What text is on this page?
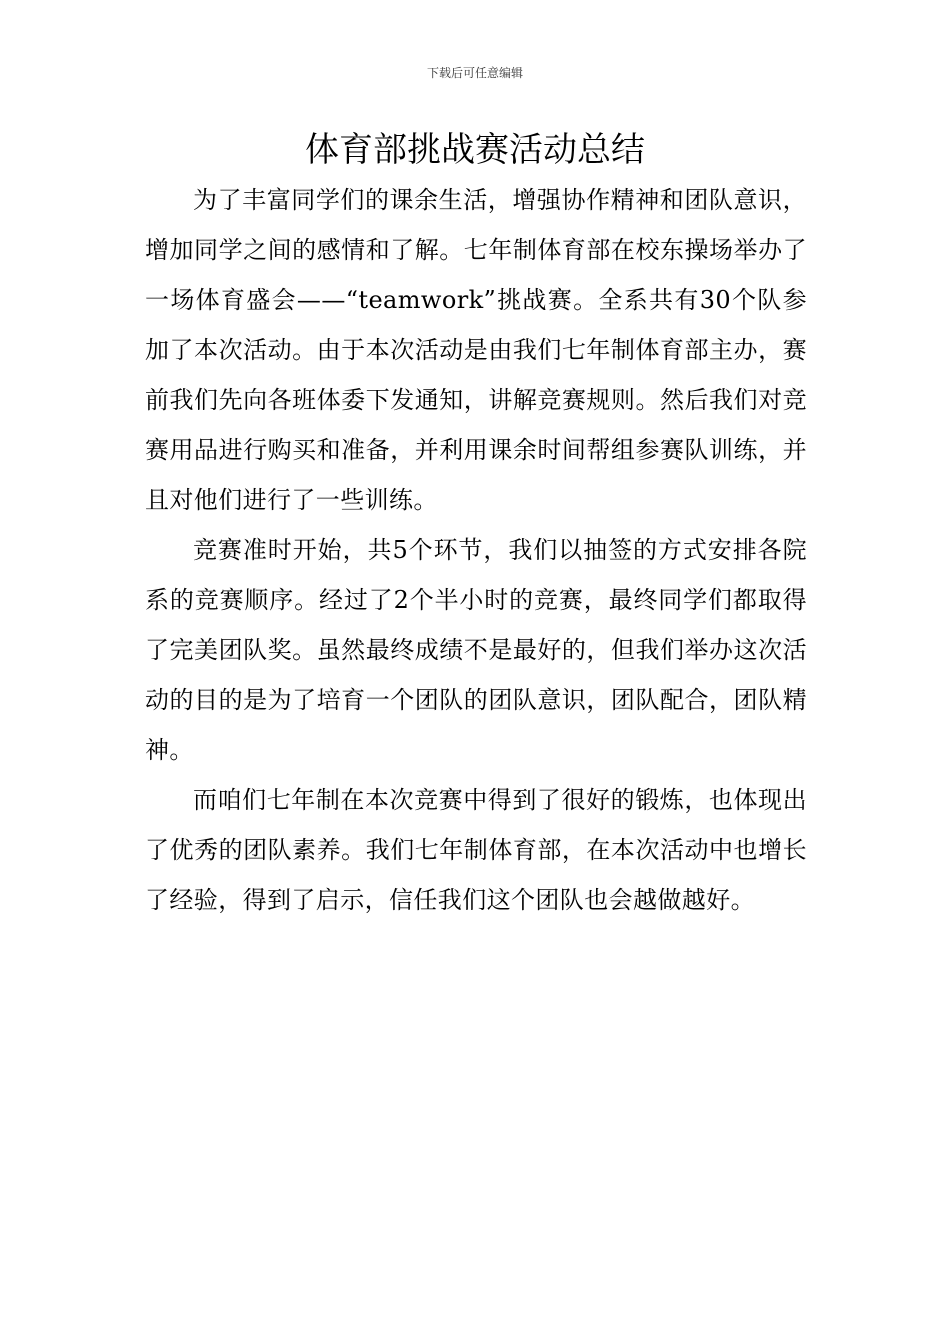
下载后可任意编辑
体育部挑战赛活动总结

为了丰富同学们的课余生活，增强协作精神和团队意识，增加同学之间的感情和了解。七年制体育部在校东操场举办了一场体育盛会——“teamwork”挑战赛。全系共有30个队参加了本次活动。由于本次活动是由我们七年制体育部主办，赛前我们先向各班体委下发通知，讲解竞赛规则。然后我们对竞赛用品进行购买和准备，并利用课余时间帮组参赛队训练，并且对他们进行了一些训练。

竞赛准时开始，共5个环节，我们以抽签的方式安排各院系的竞赛顺序。经过了2个半小时的竞赛，最终同学们都取得了完美团队奖。虽然最终成绩不是最好的，但我们举办这次活动的目的是为了培育一个团队的团队意识，团队配合，团队精神。

而咱们七年制在本次竞赛中得到了很好的锻炼，也体现出了优秀的团队素养。我们七年制体育部，在本次活动中也增长了经验，得到了启示，信任我们这个团队也会越做越好。
